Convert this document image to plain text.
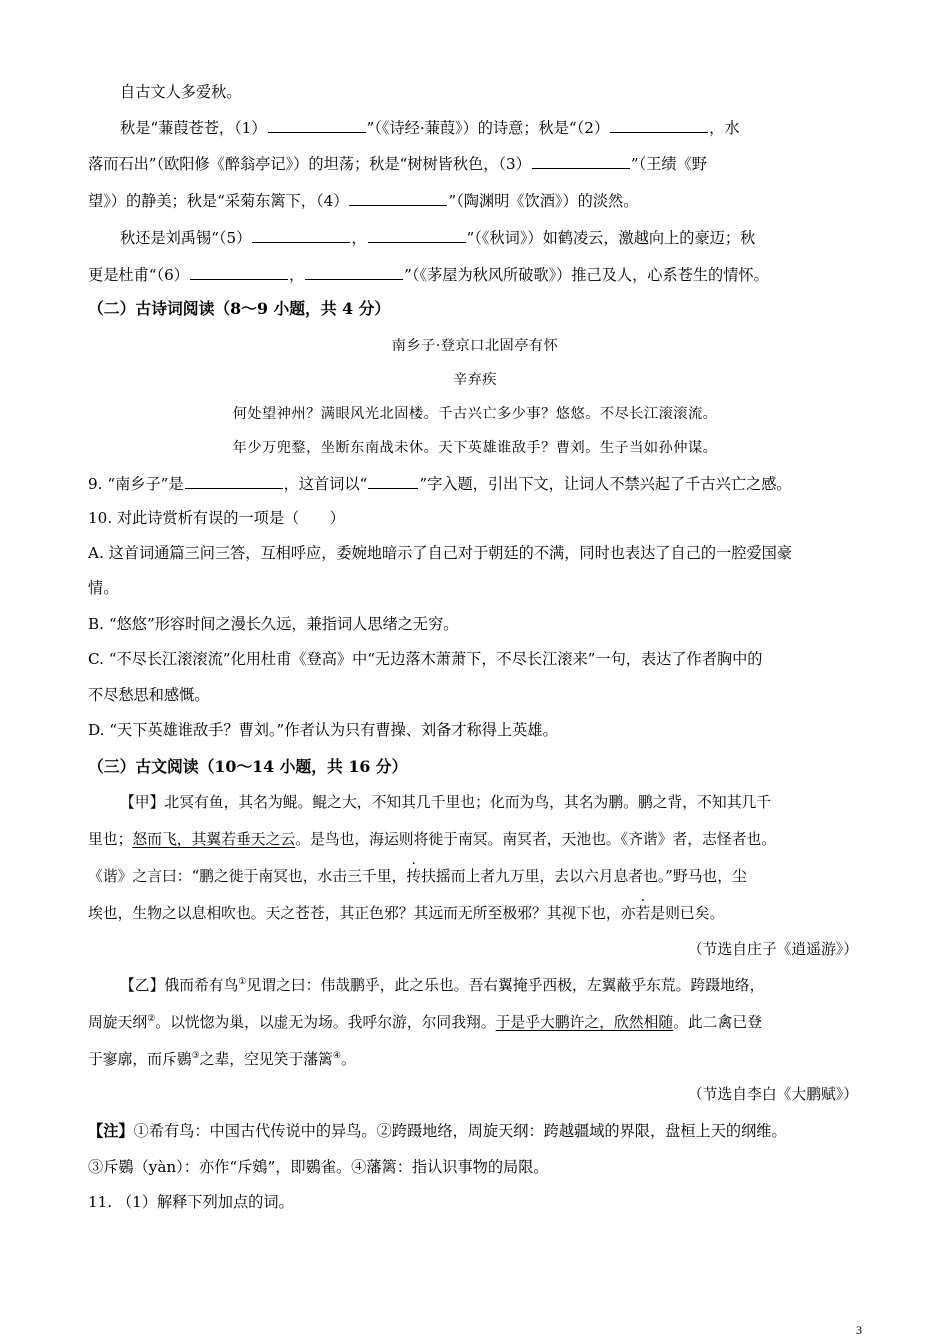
自古文人多爱秋。
秋是“蒹葭苍苍，（1）	”（《诗经·蒹葭》）的诗意；秋是“（2）	，水
落而石出”（欧阳修《醉翁亭记》）的坦荡；秋是“树树皆秋色，（3）	”（王绩《野
望》）的静美；秋是“采菊东篱下，（4）	”（陶渊明《饮酒》）的淡然。
秋还是刘禹锡“（5）	，	”（《秋词》）如鹤凌云，激越向上的豪迈；秋
更是杜甫“（6）	，	”（《茅屋为秋风所破歌》）推己及人，心系苍生的情怀。
（二）古诗词阅读（8～9 小题，共 4 分）
南乡子·登京口北固亭有怀
辛弃疾
何处望神州？满眼风光北固楼。千古兴亡多少事？悠悠。不尽长江滚滚流。
年少万兜鍪，坐断东南战未休。天下英雄谁敌手？曹刘。生子当如孙仲谋。
9. “南乡子”是	，这首词以“	”字入题，引出下文，让词人不禁兴起了千古兴亡之感。
10. 对此诗赏析有误的一项是（　　）
A. 这首词通篇三问三答，互相呼应，委婉地暗示了自己对于朝廷的不满，同时也表达了自己的一腔爱国豪
情。
B. “悠悠”形容时间之漫长久远，兼指词人思绪之无穷。
C. “不尽长江滚滚流”化用杜甫《登高》中“无边落木萧萧下，不尽长江滚来”一句，表达了作者胸中的
不尽愁思和感慨。
D. “天下英雄谁敌手？曹刘。”作者认为只有曹操、刘备才称得上英雄。
（三）古文阅读（10～14 小题，共 16 分）
【甲】北冥有鱼，其名为鲲。鲲之大，不知其几千里也；化而为鸟，其名为鹏。鹏之背，不知其几千
里也；怒而飞，其翼若垂天之云。是鸟也，海运则将徙于南冥。南冥者，天池也。《齐谐》者，志怪者也。
《谐》之言曰：“鹏之徙于南冥也，水击三千里，抟扶摇而上者九万里，去以六月息者也。”野马也，尘
埃也，生物之以息相吹也。天之苍苍，其正色邪？其远而无所至极邪？其视下也，亦若是则已矣。
（节选自庄子《逍遥游》）
【乙】俄而希有鸟①见谓之曰：伟哉鹏乎，此之乐也。吾右翼掩乎西极，左翼蔽乎东荒。跨蹑地络，
周旋天纲②。以恍惚为巢，以虚无为场。我呼尔游，尔同我翔。于是乎大鹏许之，欣然相随。此二禽已登
于寥廓，而斥鷃③之辈，空见笑于藩篱④。
（节选自李白《大鹏赋》）
【注】①希有鸟：中国古代传说中的异鸟。②跨蹑地络，周旋天纲：跨越疆域的界限，盘桓上天的纲维。
③斥鷃（yàn）：亦作“斥鴳”，即鷃雀。④藩篱：指认识事物的局限。
11. （1）解释下列加点的词。
3
